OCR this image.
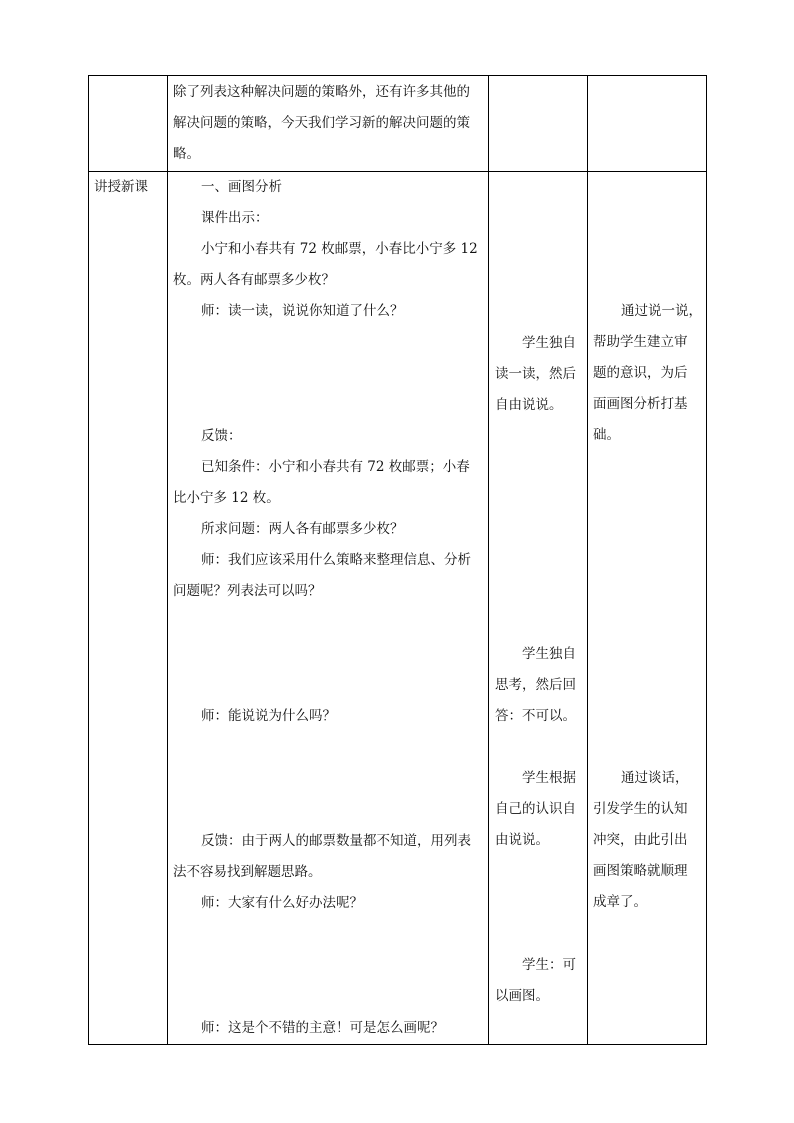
除了列表这种解决问题的策略外，还有许多其他的
解决问题的策略，今天我们学习新的解决问题的策
略。
讲授新课	一、画图分析
课件出示：
小宁和小春共有 72 枚邮票，小春比小宁多 12
枚。两人各有邮票多少枚？
师：读一读，说说你知道了什么？
反馈：
已知条件：小宁和小春共有 72 枚邮票；小春
比小宁多 12 枚。
所求问题：两人各有邮票多少枚？
师：我们应该采用什么策略来整理信息、分析
问题呢？列表法可以吗？
师：能说说为什么吗？
反馈：由于两人的邮票数量都不知道，用列表
法不容易找到解题思路。
师：大家有什么好办法呢？
师：这是个不错的主意！可是怎么画呢？
学生独自
读一读，然后
自由说说。
学生独自
思考，然后回
答：不可以。
学生根据
自己的认识自
由说说。
学生：可
以画图。
通过说一说，
帮助学生建立审
题的意识，为后
面画图分析打基
础。
通过谈话，
引发学生的认知
冲突，由此引出
画图策略就顺理
成章了。
